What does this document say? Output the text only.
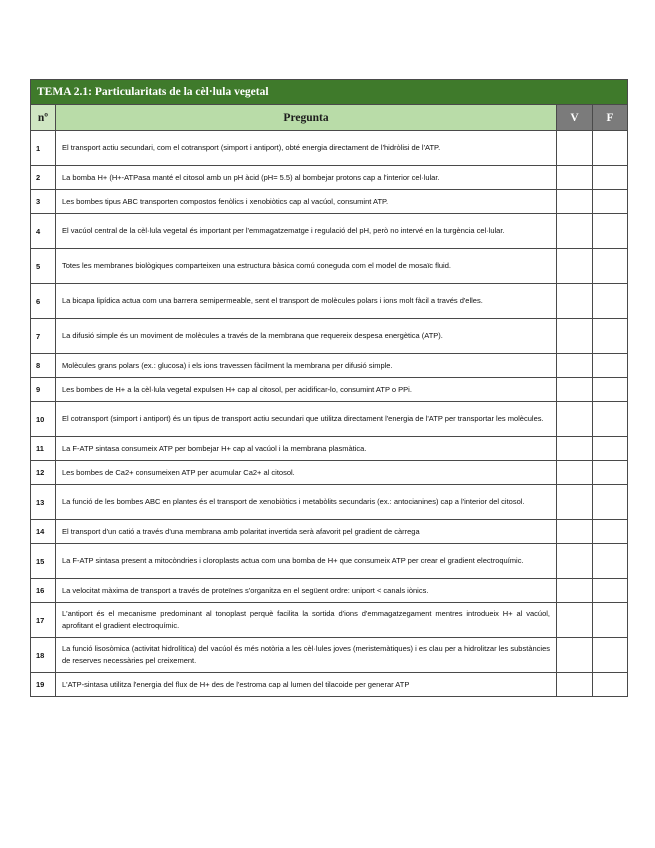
TEMA 2.1: Particularitats de la cèl·lula vegetal			
nº	Pregunta	V	F
1	El transport actiu secundari, com el cotransport (simport i antiport), obté energia directament de l'hidròlisi de l'ATP.		
2	La bomba H+ (H+-ATPasa manté el citosol amb un pH àcid (pH= 5.5) al bombejar protons cap a l'interior cel·lular.		
3	Les bombes tipus ABC transporten compostos fenòlics i xenobiòtics cap al vacúol, consumint ATP.		
4	El vacúol central de la cèl·lula vegetal és important per l'emmagatzematge i regulació del pH, però no intervé en la turgència cel·lular.		
5	Totes les membranes biològiques comparteixen una estructura bàsica comú coneguda com el model de mosaïc fluid.		
6	La bicapa lipídica actua com una barrera semipermeable, sent el transport de molècules polars i ions molt fàcil a través d'elles.		
7	La difusió simple és un moviment de molècules a través de la membrana que requereix despesa energètica (ATP).		
8	Molècules grans polars (ex.: glucosa) i els ions travessen fàcilment la membrana per difusió simple.		
9	Les bombes de H+ a la cèl·lula vegetal expulsen H+ cap al citosol, per acidificar-lo, consumint ATP o PPi.		
10	El cotransport (simport i antiport) és un tipus de transport actiu secundari que utilitza directament l'energia de l'ATP per transportar les molècules.		
11	La F-ATP sintasa consumeix ATP per bombejar H+ cap al vacúol i la membrana plasmàtica.		
12	Les bombes de Ca2+ consumeixen ATP per acumular Ca2+ al citosol.		
13	La funció de les bombes ABC en plantes és el transport de xenobiòtics i metabòlits secundaris (ex.: antocianines) cap a l'interior del citosol.		
14	El transport d'un catió a través d'una membrana amb polaritat invertida serà afavorit pel gradient de càrrega		
15	La F-ATP sintasa present a mitocòndries i cloroplasts actua com una bomba de H+ que consumeix ATP per crear el gradient electroquímic.		
16	La velocitat màxima de transport a través de proteïnes s'organitza en el següent ordre: uniport < canals iònics.		
17	L'antiport és el mecanisme predominant al tonoplast perquè facilita la sortida d'ions d'emmagatzegament mentres introdueix H+ al vacúol, aprofitant el gradient electroquímic.		
18	La funció lisosòmica (activitat hidrolítica) del vacúol és més notòria a les cèl·lules joves (meristemàtiques) i es clau per a hidrolitzar les substàncies de reserves necessàries pel creixement.		
19	L'ATP-sintasa utilitza l'energia del flux de H+ des de l'estroma cap al lumen del tilacoide per generar ATP		
